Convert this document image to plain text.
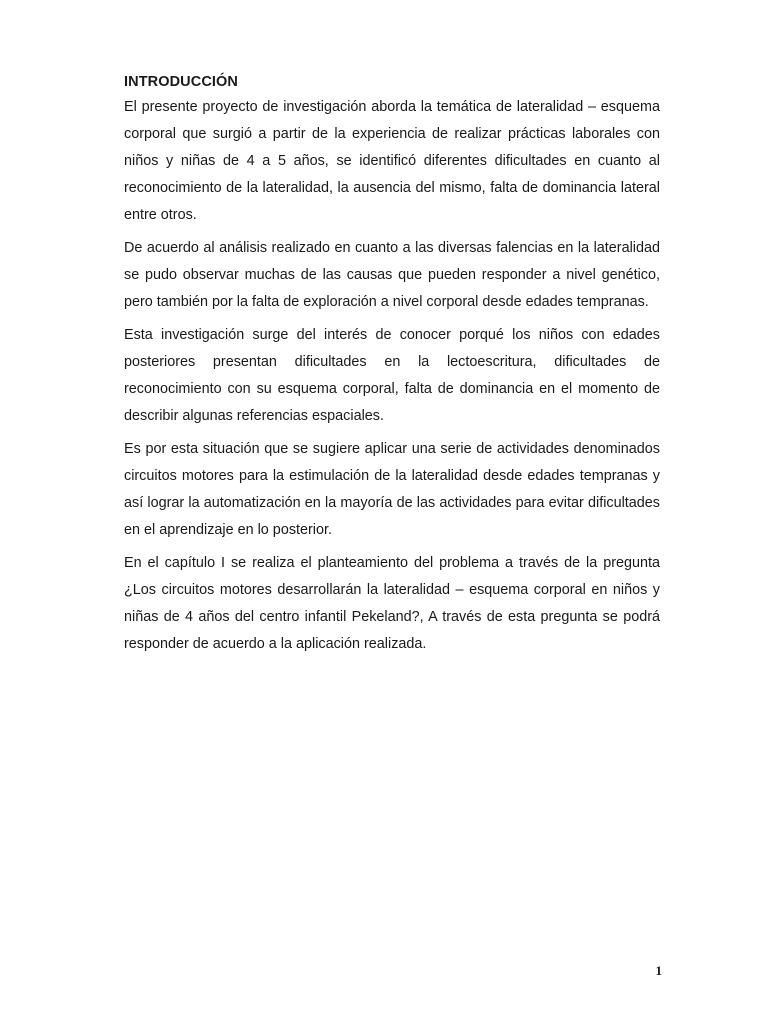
INTRODUCCIÓN

El presente proyecto de investigación aborda la temática de lateralidad – esquema corporal que surgió a partir de la experiencia de realizar prácticas laborales con niños y niñas de 4 a 5 años, se identificó diferentes dificultades en cuanto al reconocimiento de la lateralidad, la ausencia del mismo, falta de dominancia lateral entre otros.

De acuerdo al análisis realizado en cuanto a las diversas falencias en la lateralidad se pudo observar muchas de las causas que pueden responder a nivel genético, pero también por la falta de exploración a nivel corporal desde edades tempranas.

Esta investigación surge del interés de conocer porqué los niños con edades posteriores presentan dificultades en la lectoescritura, dificultades de reconocimiento con su esquema corporal, falta de dominancia en el momento de describir algunas referencias espaciales.

Es por esta situación que se sugiere aplicar una serie de actividades denominados circuitos motores para la estimulación de la lateralidad desde edades tempranas y así lograr la automatización en la mayoría de las actividades para evitar dificultades en el aprendizaje en lo posterior.

En el capítulo I se realiza el planteamiento del problema a través de la pregunta ¿Los circuitos motores desarrollarán la lateralidad – esquema corporal en niños y niñas de 4 años del centro infantil Pekeland?, A través de esta pregunta se podrá responder de acuerdo a la aplicación realizada.

1
